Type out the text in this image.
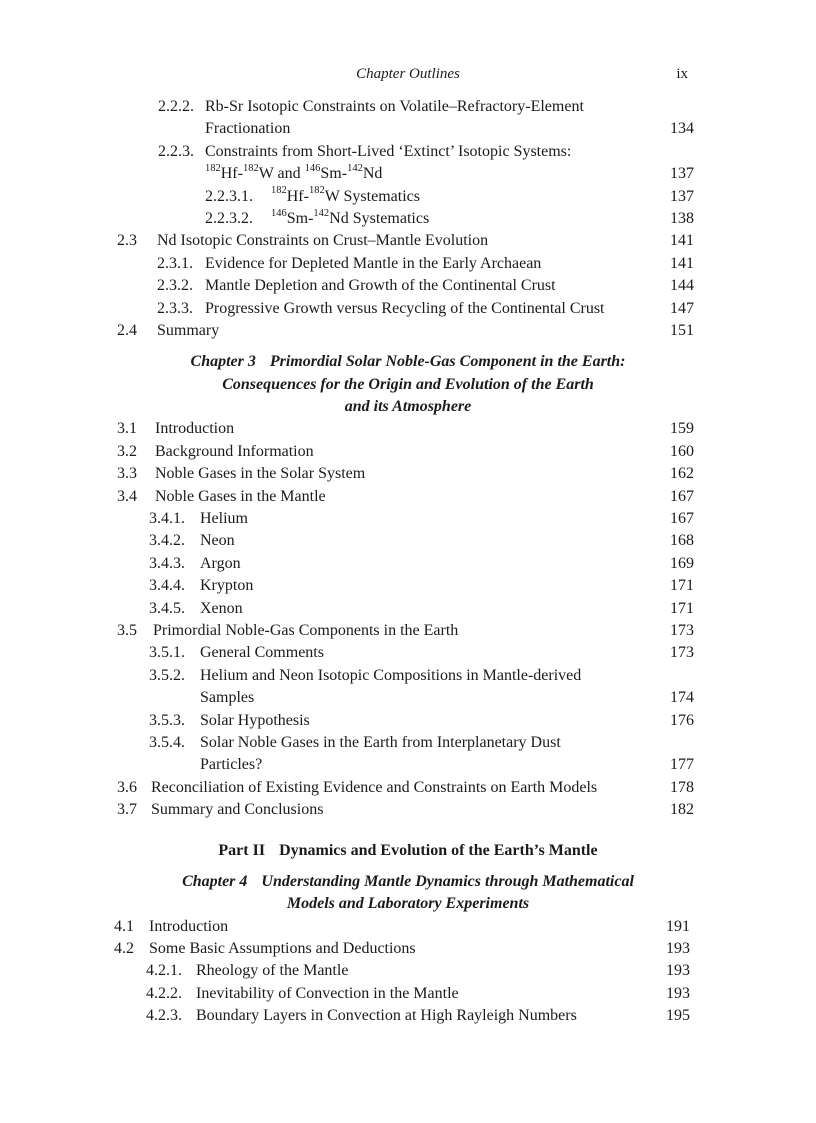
Chapter Outlines	ix
2.2.2. Rb-Sr Isotopic Constraints on Volatile–Refractory-Element
Fractionation	134
2.2.3. Constraints from Short-Lived ‘Extinct’ Isotopic Systems:
$^{182}$Hf-$^{182}$W and $^{146}$Sm-$^{142}$Nd	137
2.2.3.1. $^{182}$Hf-$^{182}$W Systematics	137
2.2.3.2. $^{146}$Sm-$^{142}$Nd Systematics	138
2.3 Nd Isotopic Constraints on Crust–Mantle Evolution	141
2.3.1. Evidence for Depleted Mantle in the Early Archaean	141
2.3.2. Mantle Depletion and Growth of the Continental Crust	144
2.3.3. Progressive Growth versus Recycling of the Continental Crust	147
2.4 Summary	151
Chapter 3 Primordial Solar Noble-Gas Component in the Earth:
Consequences for the Origin and Evolution of the Earth
and its Atmosphere
3.1 Introduction	159
3.2 Background Information	160
3.3 Noble Gases in the Solar System	162
3.4 Noble Gases in the Mantle	167
3.4.1. Helium	167
3.4.2. Neon	168
3.4.3. Argon	169
3.4.4. Krypton	171
3.4.5. Xenon	171
3.5 Primordial Noble-Gas Components in the Earth	173
3.5.1. General Comments	173
3.5.2. Helium and Neon Isotopic Compositions in Mantle-derived
Samples	174
3.5.3. Solar Hypothesis	176
3.5.4. Solar Noble Gases in the Earth from Interplanetary Dust
Particles?	177
3.6 Reconciliation of Existing Evidence and Constraints on Earth Models	178
3.7 Summary and Conclusions	182
Part II Dynamics and Evolution of the Earth’s Mantle
Chapter 4 Understanding Mantle Dynamics through Mathematical
Models and Laboratory Experiments
4.1 Introduction	191
4.2 Some Basic Assumptions and Deductions	193
4.2.1. Rheology of the Mantle	193
4.2.2. Inevitability of Convection in the Mantle	193
4.2.3. Boundary Layers in Convection at High Rayleigh Numbers	195
